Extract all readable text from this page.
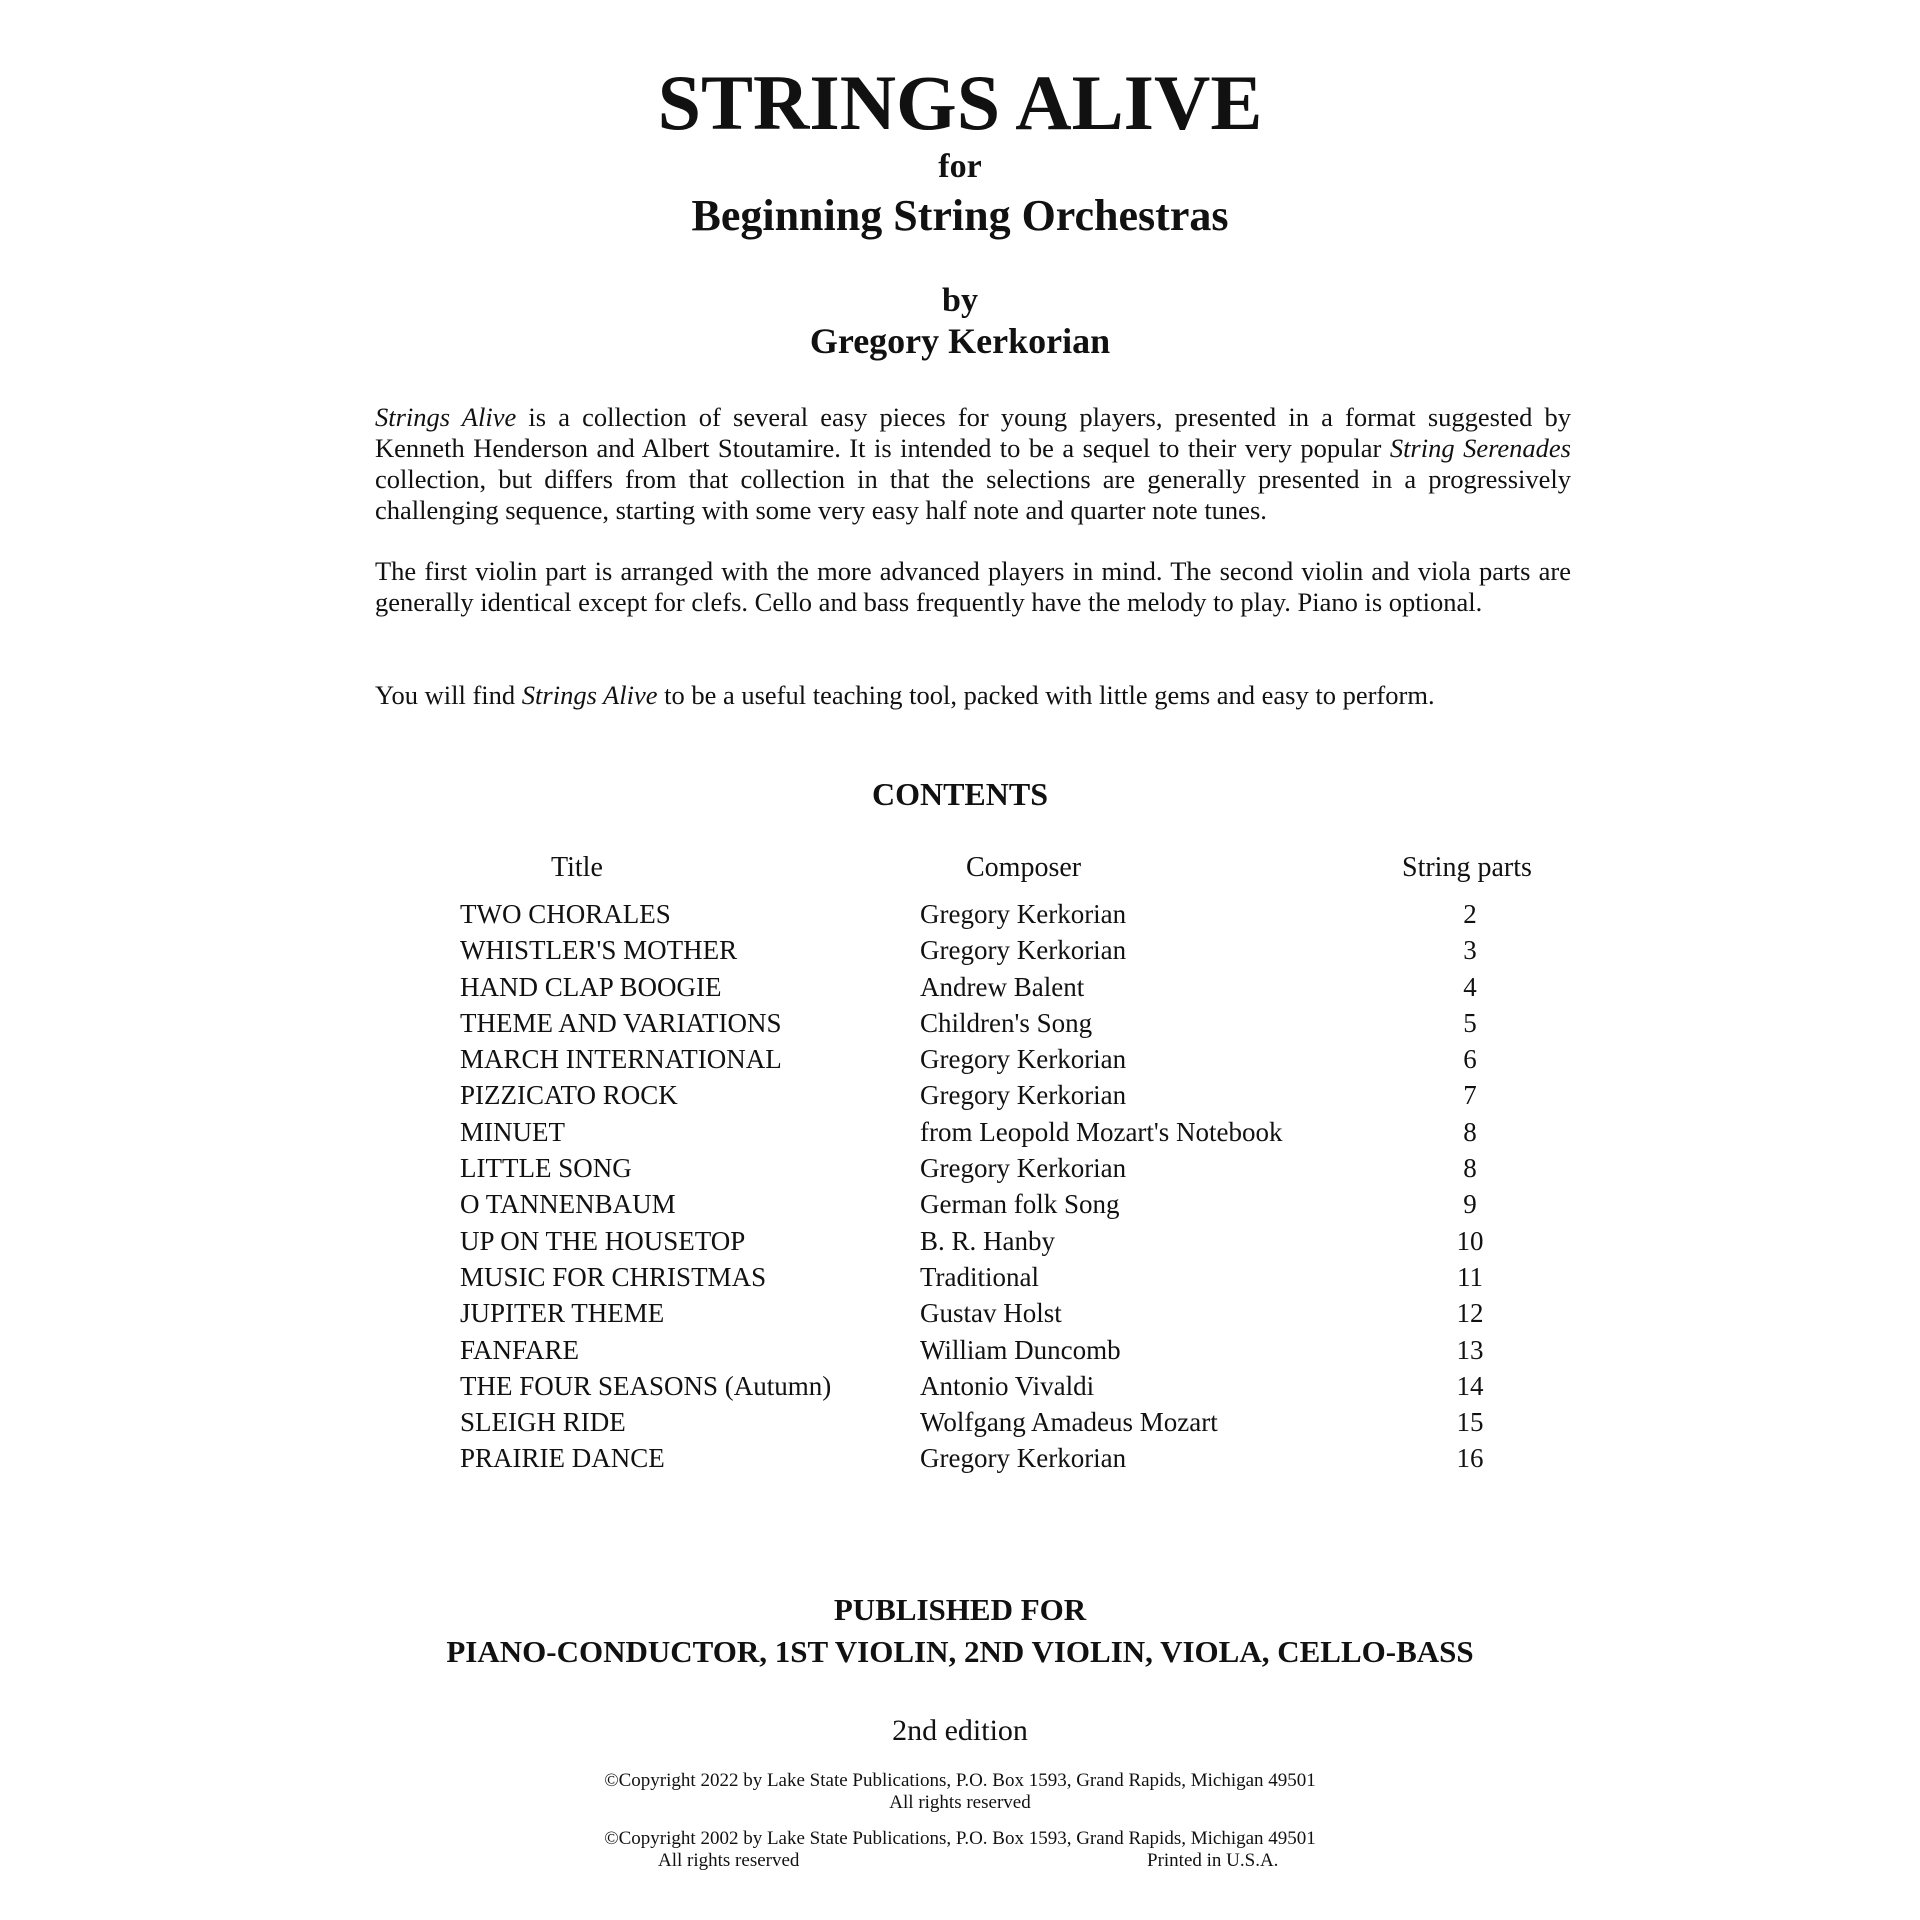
STRINGS ALIVE
for
Beginning String Orchestras
by
Gregory Kerkorian

Strings Alive is a collection of several easy pieces for young players, presented in a format suggested by Kenneth Henderson and Albert Stoutamire. It is intended to be a sequel to their very popular String Serenades collection, but differs from that collection in that the selections are generally presented in a progressively challenging sequence, starting with some very easy half note and quarter note tunes.

The first violin part is arranged with the more advanced players in mind. The second violin and viola parts are generally identical except for clefs. Cello and bass frequently have the melody to play. Piano is optional.

You will find Strings Alive to be a useful teaching tool, packed with little gems and easy to perform.

CONTENTS
Title	Composer	String parts
TWO CHORALES	Gregory Kerkorian	2
WHISTLER'S MOTHER	Gregory Kerkorian	3
HAND CLAP BOOGIE	Andrew Balent	4
THEME AND VARIATIONS	Children's Song	5
MARCH INTERNATIONAL	Gregory Kerkorian	6
PIZZICATO ROCK	Gregory Kerkorian	7
MINUET	from Leopold Mozart's Notebook	8
LITTLE SONG	Gregory Kerkorian	8
O TANNENBAUM	German folk Song	9
UP ON THE HOUSETOP	B. R. Hanby	10
MUSIC FOR CHRISTMAS	Traditional	11
JUPITER THEME	Gustav Holst	12
FANFARE	William Duncomb	13
THE FOUR SEASONS (Autumn)	Antonio Vivaldi	14
SLEIGH RIDE	Wolfgang Amadeus Mozart	15
PRAIRIE DANCE	Gregory Kerkorian	16
PUBLISHED FOR
PIANO-CONDUCTOR, 1ST VIOLIN, 2ND VIOLIN, VIOLA, CELLO-BASS
2nd edition
©Copyright 2022 by Lake State Publications, P.O. Box 1593, Grand Rapids, Michigan 49501
All rights reserved
©Copyright 2002 by Lake State Publications, P.O. Box 1593, Grand Rapids, Michigan 49501
All rights reserved	Printed in U.S.A.
